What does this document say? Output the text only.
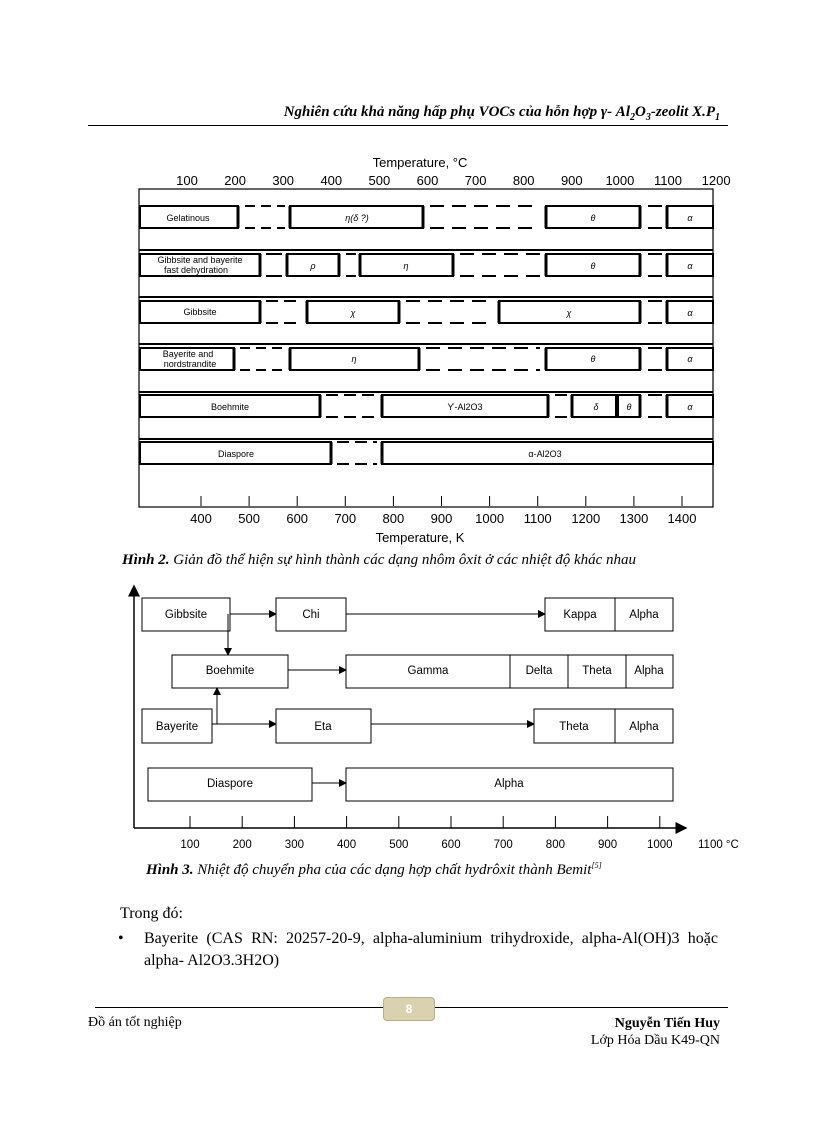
Nghiên cứu khả năng hấp phụ VOCs của hỗn hợp γ- $Al_2O_3$-zeolit $X.P_1$
Temperature, °C
100 200 300 400 500 600 700 800 900 1000 1100 1200
400 500 600 700 800 900 1000 1100 1200 1300 1400
Temperature, K
Gelatinous	η(δ ?)	θ	α
Gibbsite and bayerite
fast dehydration	ρ	η	θ	α
Gibbsite	χ	χ	α
Bayerite and
nordstrandite	η	θ	α
Boehmite	ϒ-Al2O3	δ	θ	α
Diaspore	α-Al2O3
Hình 2. Giản đồ thể hiện sự hình thành các dạng nhôm ôxit ở các nhiệt độ khác nhau
100	200	300	400	500	600	700	800	900	1000 1100 °C
Gibbsite	Chi	Kappa	Alpha
Boehmite	Gamma	Delta	Theta Alpha
Bayerite	Eta	Theta	Alpha
Diaspore	Alpha
Hình 3. Nhiệt độ chuyển pha của các dạng hợp chất hydrôxit thành Bemit[5]
Trong đó:
• Bayerite (CAS RN: 20257-20-9, alpha-aluminium trihydroxide, alpha-Al(OH)3 hoặc alpha- Al2O3.3H2O)
8
Đồ án tốt nghiệp	Nguyễn Tiến Huy
Lớp Hóa Dầu K49-QN
